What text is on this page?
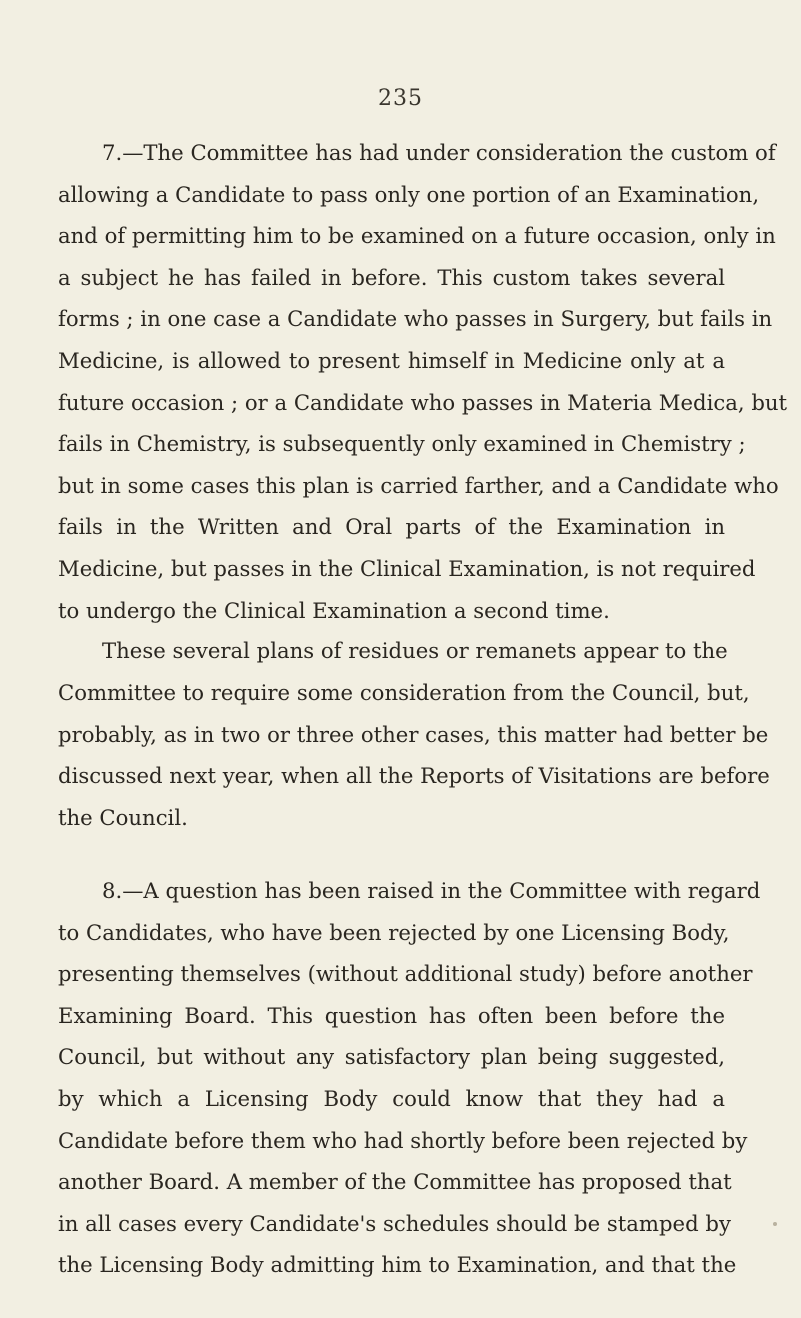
235
7.—The Committee has had under consideration the custom of
allowing a Candidate to pass only one portion of an Examination,
and of permitting him to be examined on a future occasion, only in
a subject he has failed in before. This custom takes several
forms ; in one case a Candidate who passes in Surgery, but fails in
Medicine, is allowed to present himself in Medicine only at a
future occasion ; or a Candidate who passes in Materia Medica, but
fails in Chemistry, is subsequently only examined in Chemistry ;
but in some cases this plan is carried farther, and a Candidate who
fails in the Written and Oral parts of the Examination in
Medicine, but passes in the Clinical Examination, is not required
to undergo the Clinical Examination a second time.
These several plans of residues or remanets appear to the
Committee to require some consideration from the Council, but,
probably, as in two or three other cases, this matter had better be
discussed next year, when all the Reports of Visitations are before
the Council.
8.—A question has been raised in the Committee with regard
to Candidates, who have been rejected by one Licensing Body,
presenting themselves (without additional study) before another
Examining Board. This question has often been before the
Council, but without any satisfactory plan being suggested,
by which a Licensing Body could know that they had a
Candidate before them who had shortly before been rejected by
another Board. A member of the Committee has proposed that
in all cases every Candidate's schedules should be stamped by
the Licensing Body admitting him to Examination, and that the
